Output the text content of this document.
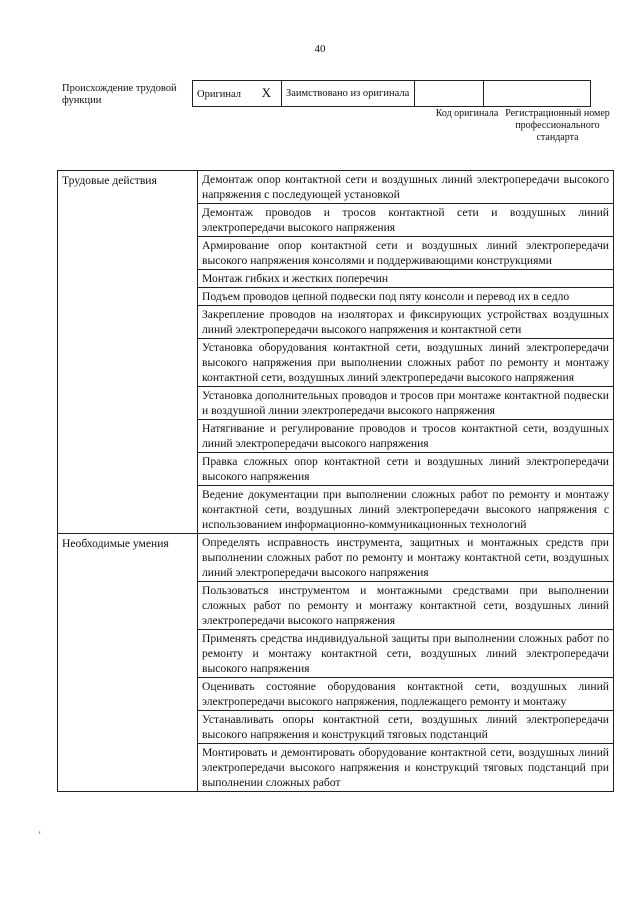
40
Происхождение трудовой функции
Оригинал X	Заимствовано из оригинала		
Код оригинала Регистрационный номер профессионального стандарта
Трудовые действия	Демонтаж опор контактной сети и воздушных линий электропередачи высокого напряжения с последующей установкой
	Демонтаж проводов и тросов контактной сети и воздушных линий электропередачи высокого напряжения
	Армирование опор контактной сети и воздушных линий электропередачи высокого напряжения консолями и поддерживающими конструкциями
	Монтаж гибких и жестких поперечин
	Подъем проводов цепной подвески под пяту консоли и перевод их в седло
	Закрепление проводов на изоляторах и фиксирующих устройствах воздушных линий электропередачи высокого напряжения и контактной сети
	Установка оборудования контактной сети, воздушных линий электропередачи высокого напряжения при выполнении сложных работ по ремонту и монтажу контактной сети, воздушных линий электропередачи высокого напряжения
	Установка дополнительных проводов и тросов при монтаже контактной подвески и воздушной линии электропередачи высокого напряжения
	Натягивание и регулирование проводов и тросов контактной сети, воздушных линий электропередачи высокого напряжения
	Правка сложных опор контактной сети и воздушных линий электропередачи высокого напряжения
	Ведение документации при выполнении сложных работ по ремонту и монтажу контактной сети, воздушных линий электропередачи высокого напряжения с использованием информационно-коммуникационных технологий
Необходимые умения	Определять исправность инструмента, защитных и монтажных средств при выполнении сложных работ по ремонту и монтажу контактной сети, воздушных линий электропередачи высокого напряжения
	Пользоваться инструментом и монтажными средствами при выполнении сложных работ по ремонту и монтажу контактной сети, воздушных линий электропередачи высокого напряжения
	Применять средства индивидуальной защиты при выполнении сложных работ по ремонту и монтажу контактной сети, воздушных линий электропередачи высокого напряжения
	Оценивать состояние оборудования контактной сети, воздушных линий электропередачи высокого напряжения, подлежащего ремонту и монтажу
	Устанавливать опоры контактной сети, воздушных линий электропередачи высокого напряжения и конструкций тяговых подстанций
	Монтировать и демонтировать оборудование контактной сети, воздушных линий электропередачи высокого напряжения и конструкций тяговых подстанций при выполнении сложных работ
'
